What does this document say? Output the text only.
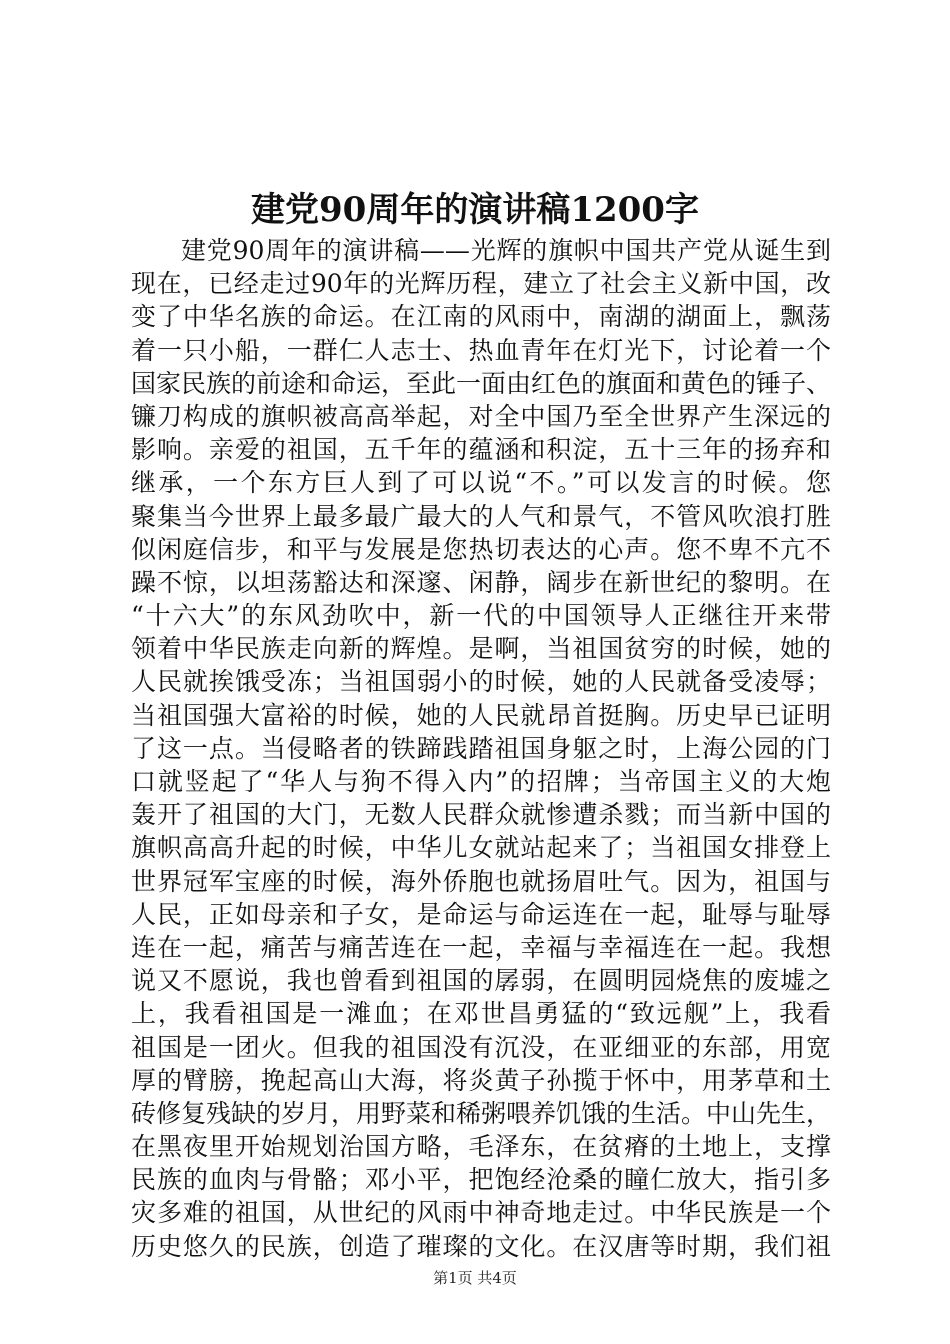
建党90周年的演讲稿1200字
建党90周年的演讲稿——光辉的旗帜中国共产党从诞生到
现在，已经走过90年的光辉历程，建立了社会主义新中国，改
变了中华名族的命运。在江南的风雨中，南湖的湖面上，飘荡
着一只小船，一群仁人志士、热血青年在灯光下，讨论着一个
国家民族的前途和命运，至此一面由红色的旗面和黄色的锤子、
镰刀构成的旗帜被高高举起，对全中国乃至全世界产生深远的
影响。亲爱的祖国，五千年的蕴涵和积淀，五十三年的扬弃和
继承，一个东方巨人到了可以说“不。”可以发言的时候。您
聚集当今世界上最多最广最大的人气和景气，不管风吹浪打胜
似闲庭信步，和平与发展是您热切表达的心声。您不卑不亢不
躁不惊，以坦荡豁达和深邃、闲静，阔步在新世纪的黎明。在
“十六大”的东风劲吹中，新一代的中国领导人正继往开来带
领着中华民族走向新的辉煌。是啊，当祖国贫穷的时候，她的
人民就挨饿受冻；当祖国弱小的时候，她的人民就备受凌辱；
当祖国强大富裕的时候，她的人民就昂首挺胸。历史早已证明
了这一点。当侵略者的铁蹄践踏祖国身躯之时，上海公园的门
口就竖起了“华人与狗不得入内”的招牌；当帝国主义的大炮
轰开了祖国的大门，无数人民群众就惨遭杀戮；而当新中国的
旗帜高高升起的时候，中华儿女就站起来了；当祖国女排登上
世界冠军宝座的时候，海外侨胞也就扬眉吐气。因为，祖国与
人民，正如母亲和子女，是命运与命运连在一起，耻辱与耻辱
连在一起，痛苦与痛苦连在一起，幸福与幸福连在一起。我想
说又不愿说，我也曾看到祖国的孱弱，在圆明园烧焦的废墟之
上，我看祖国是一滩血；在邓世昌勇猛的“致远舰”上，我看
祖国是一团火。但我的祖国没有沉没，在亚细亚的东部，用宽
厚的臂膀，挽起高山大海，将炎黄子孙揽于怀中，用茅草和土
砖修复残缺的岁月，用野菜和稀粥喂养饥饿的生活。中山先生，
在黑夜里开始规划治国方略，毛泽东，在贫瘠的土地上，支撑
民族的血肉与骨骼；邓小平，把饱经沧桑的瞳仁放大，指引多
灾多难的祖国，从世纪的风雨中神奇地走过。中华民族是一个
历史悠久的民族，创造了璀璨的文化。在汉唐等时期，我们祖
第1页 共4页
